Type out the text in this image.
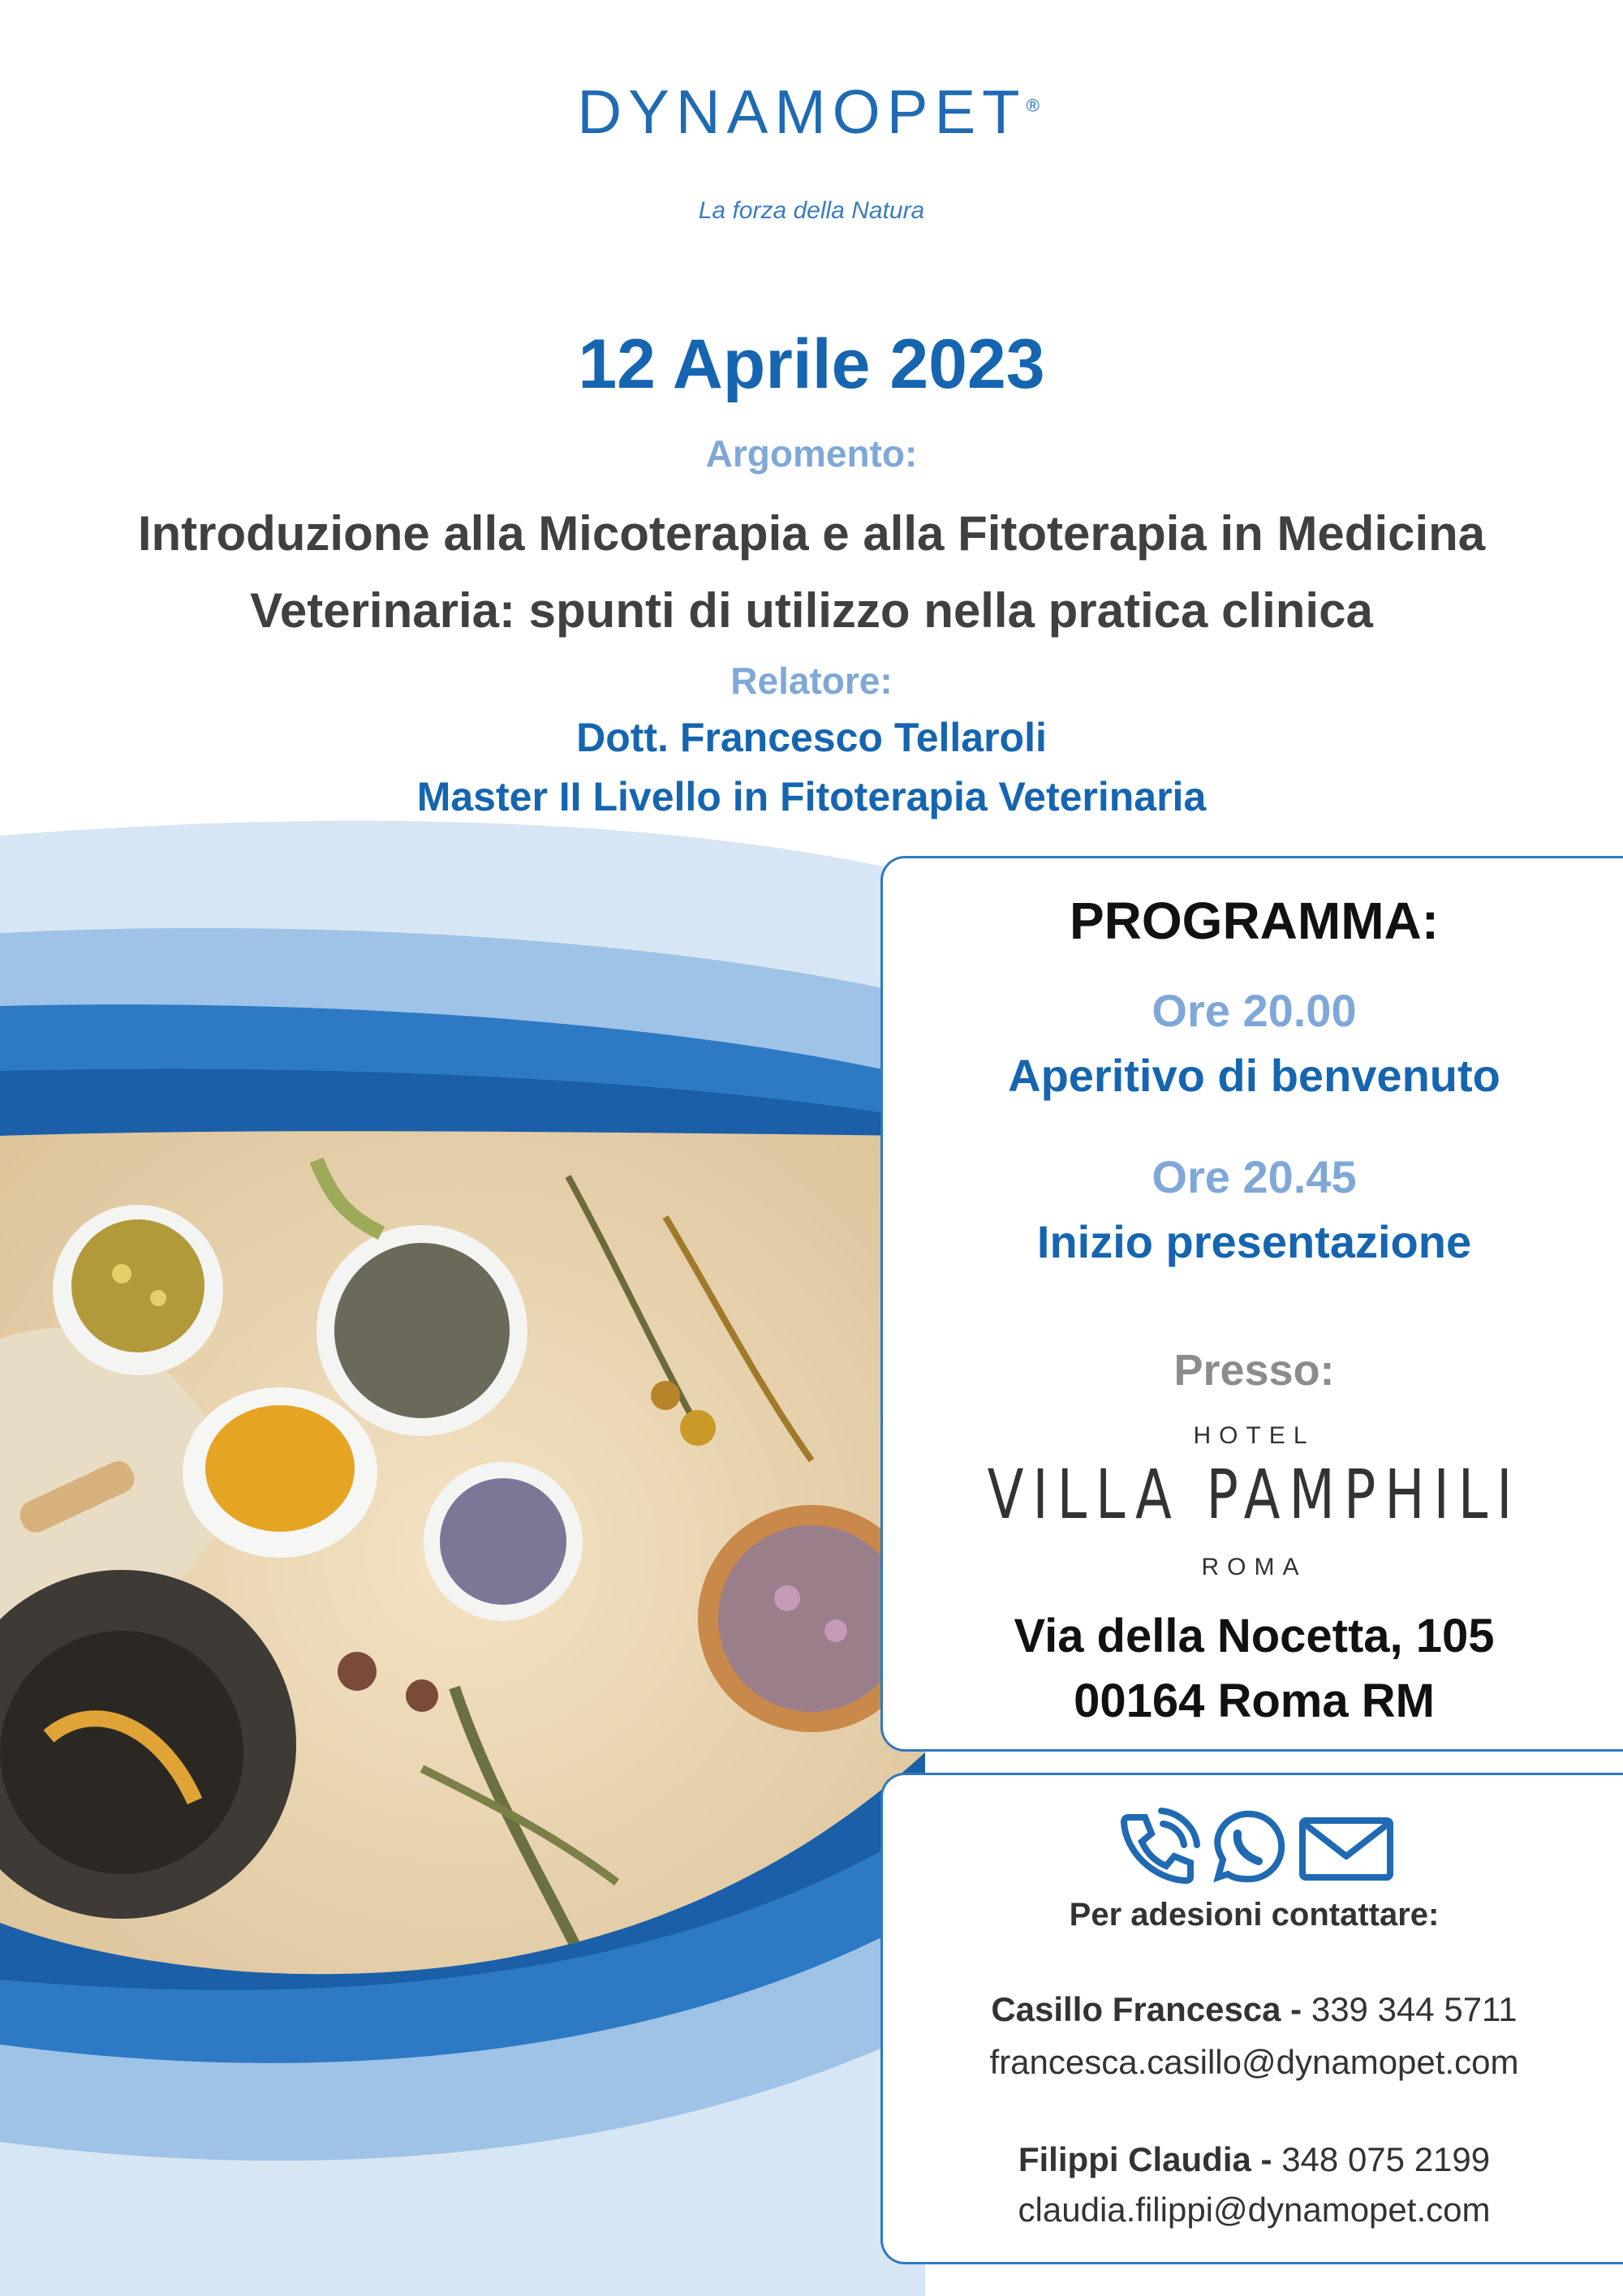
DYNAMOPET®
La forza della Natura
12 Aprile 2023
Argomento:
Introduzione alla Micoterapia e alla Fitoterapia in Medicina
Veterinaria: spunti di utilizzo nella pratica clinica
Relatore:
Dott. Francesco Tellaroli
Master II Livello in Fitoterapia Veterinaria
PROGRAMMA:
Ore 20.00
Aperitivo di benvenuto
Ore 20.45
Inizio presentazione
Presso:
HOTEL
VILLA PAMPHILI
ROMA
Via della Nocetta, 105
00164 Roma RM
Per adesioni contattare:
Casillo Francesca - 339 344 5711
francesca.casillo@dynamopet.com
Filippi Claudia - 348 075 2199
claudia.filippi@dynamopet.com
